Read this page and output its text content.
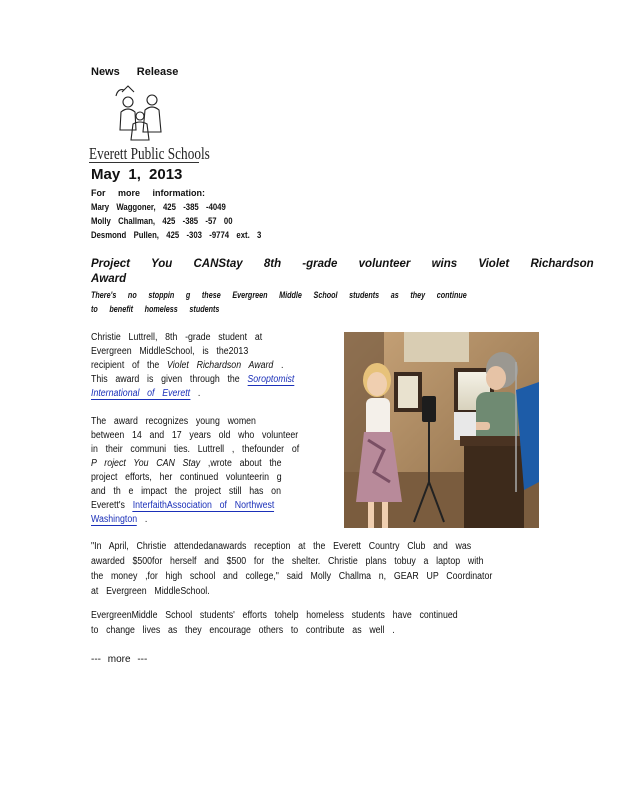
News Release
Everett Public Schools
May 1, 2013
For more information:
Mary Waggoner, 425 -385 -4049
Molly Challman, 425 -385 -57 00
Desmond Pullen, 425 -303 -9774 ext. 3
Project You CANStay 8th -grade volunteer wins Violet Richardson
Award
There's no stoppin g these Evergreen Middle School students as they continue
to benefit homeless students
Christie Luttrell, 8th -grade student at
Evergreen MiddleSchool, is the2013
recipient of the Violet Richardson Award .
This award is given through the Soroptomist
International of Everett .
The award recognizes young women
between 14 and 17 years old who volunteer
in their communi ties. Luttrell , thefounder of
P roject You CAN Stay ,wrote about the
project efforts, her continued volunteerin g
and th e impact the project still has on
Everett's InterfaithAssociation of Northwest
Washington .
"In April, Christie attendedanawards reception at the Everett Country Club and was
awarded $500for herself and $500 for the shelter. Christie plans tobuy a laptop with
the money ,for high school and college," said Molly Challma n, GEAR UP Coordinator
at Evergreen MiddleSchool.
EvergreenMiddle School students' efforts tohelp homeless students have continued
to change lives as they encourage others to contribute as well .
--- more ---
